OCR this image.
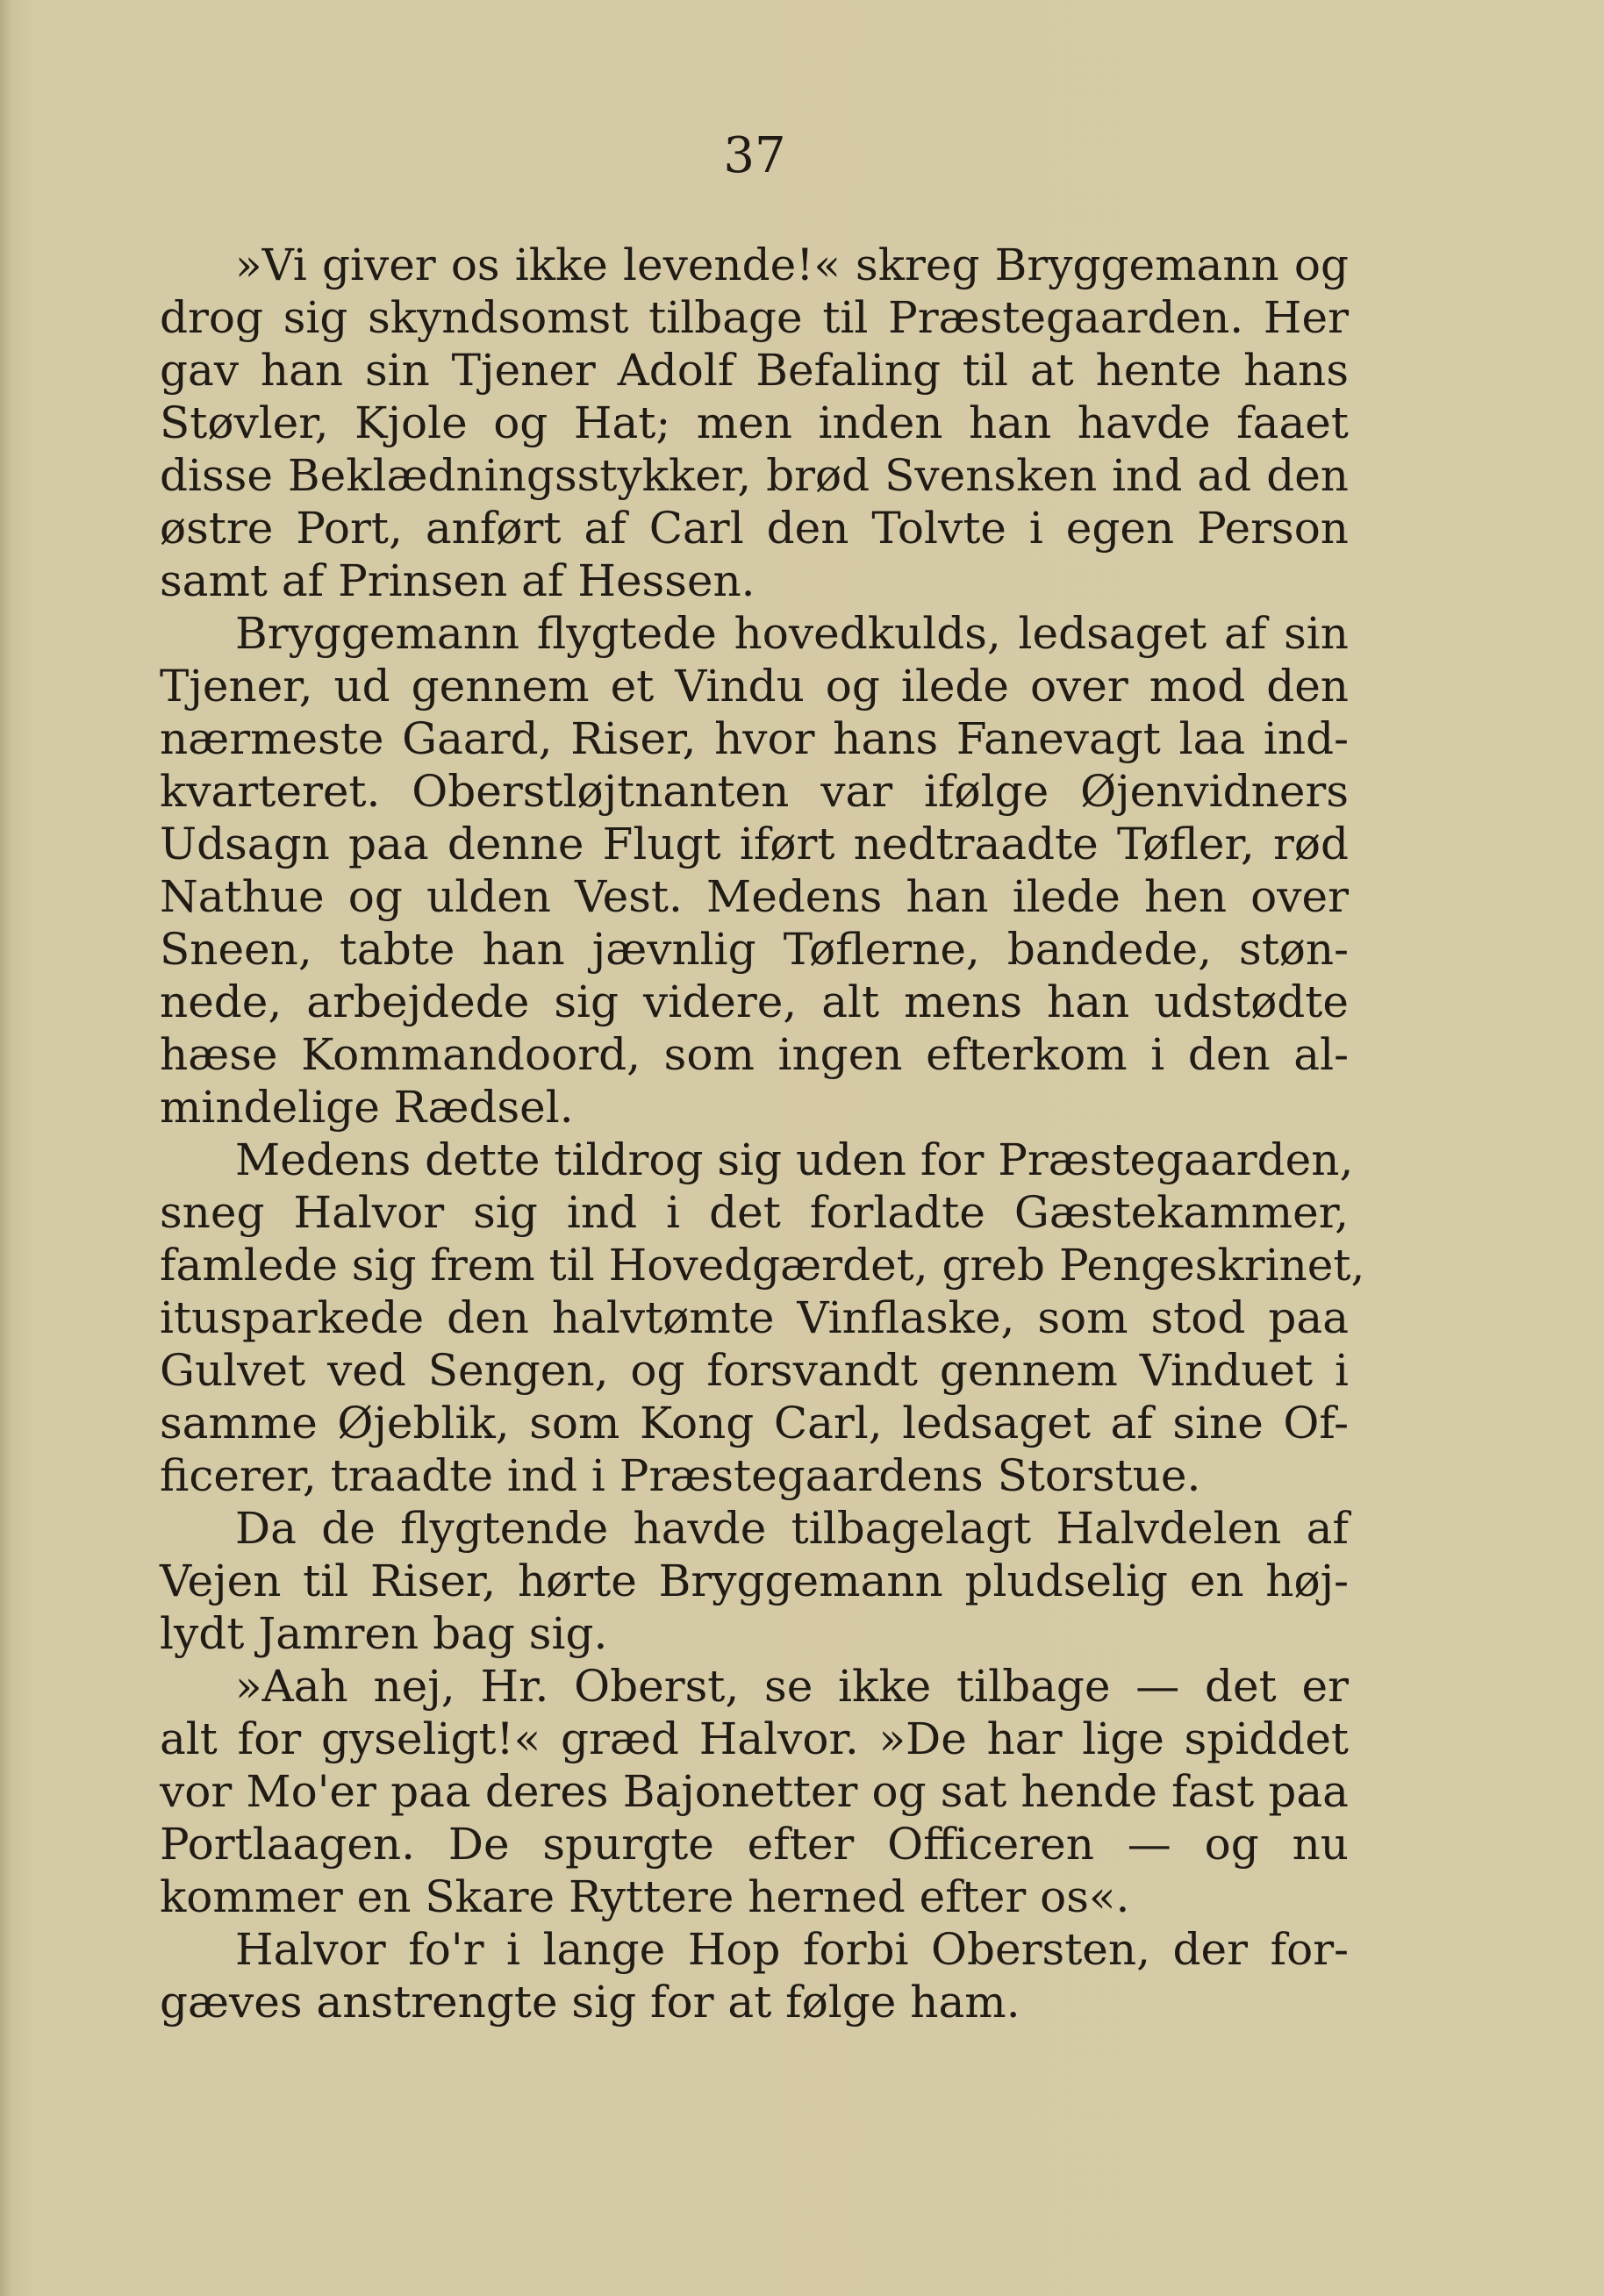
37
»Vi giver os ikke levende!« skreg Bryggemann og
drog sig skyndsomst tilbage til Præstegaarden. Her
gav han sin Tjener Adolf Befaling til at hente hans
Støvler, Kjole og Hat; men inden han havde faaet
disse Beklædningsstykker, brød Svensken ind ad den
østre Port, anført af Carl den Tolvte i egen Person
samt af Prinsen af Hessen.
Bryggemann flygtede hovedkulds, ledsaget af sin
Tjener, ud gennem et Vindu og ilede over mod den
nærmeste Gaard, Riser, hvor hans Fanevagt laa ind-
kvarteret. Oberstløjtnanten var ifølge Øjenvidners
Udsagn paa denne Flugt iført nedtraadte Tøfler, rød
Nathue og ulden Vest. Medens han ilede hen over
Sneen, tabte han jævnlig Tøflerne, bandede, støn-
nede, arbejdede sig videre, alt mens han udstødte
hæse Kommandoord, som ingen efterkom i den al-
mindelige Rædsel.
Medens dette tildrog sig uden for Præstegaarden,
sneg Halvor sig ind i det forladte Gæstekammer,
famlede sig frem til Hovedgærdet, greb Pengeskrinet,
itusparkede den halvtømte Vinflaske, som stod paa
Gulvet ved Sengen, og forsvandt gennem Vinduet i
samme Øjeblik, som Kong Carl, ledsaget af sine Of-
ficerer, traadte ind i Præstegaardens Storstue.
Da de flygtende havde tilbagelagt Halvdelen af
Vejen til Riser, hørte Bryggemann pludselig en høj-
lydt Jamren bag sig.
»Aah nej, Hr. Oberst, se ikke tilbage — det er
alt for gyseligt!« græd Halvor. »De har lige spiddet
vor Mo'er paa deres Bajonetter og sat hende fast paa
Portlaagen. De spurgte efter Officeren — og nu
kommer en Skare Ryttere herned efter os«.
Halvor fo'r i lange Hop forbi Obersten, der for-
gæves anstrengte sig for at følge ham.
